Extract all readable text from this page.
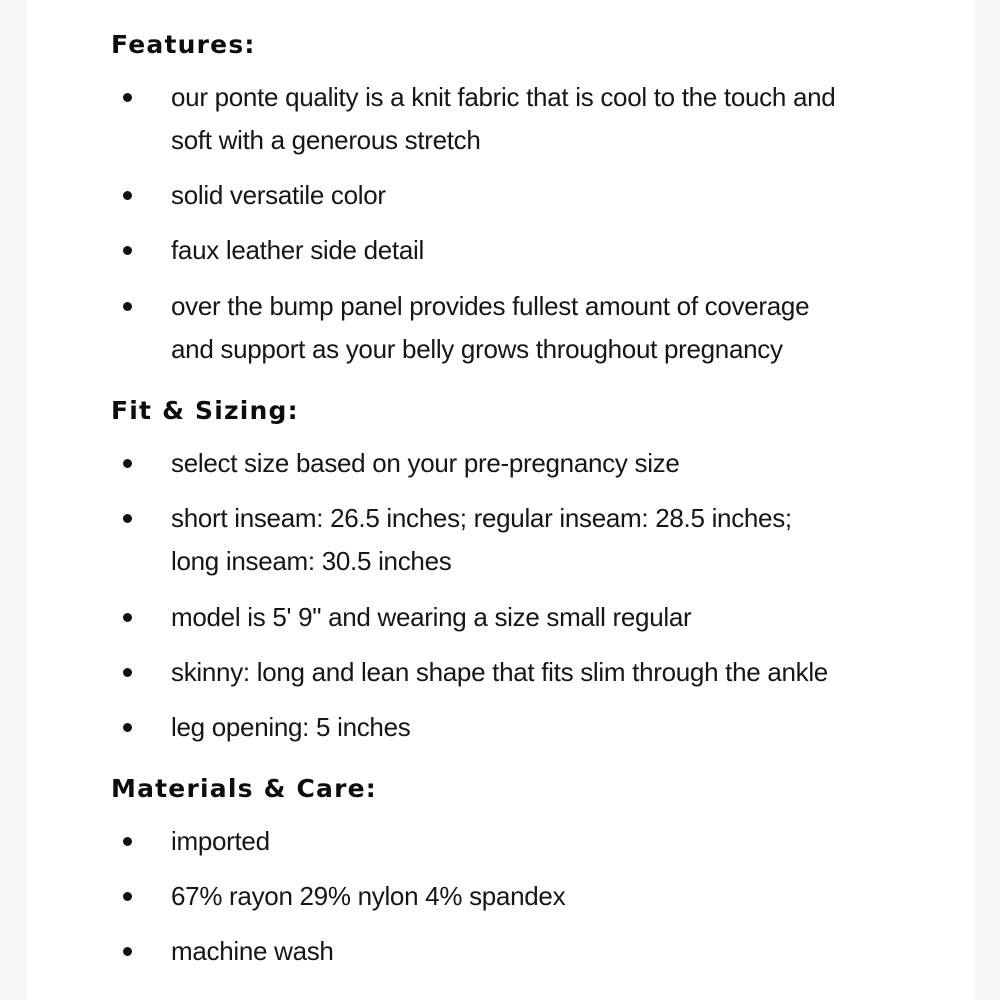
Features:
our ponte quality is a knit fabric that is cool to the touch and
soft with a generous stretch
solid versatile color
faux leather side detail
over the bump panel provides fullest amount of coverage
and support as your belly grows throughout pregnancy
Fit & Sizing:
select size based on your pre-pregnancy size
short inseam: 26.5 inches; regular inseam: 28.5 inches;
long inseam: 30.5 inches
model is 5' 9" and wearing a size small regular
skinny: long and lean shape that fits slim through the ankle
leg opening: 5 inches
Materials & Care:
imported
67% rayon 29% nylon 4% spandex
machine wash
